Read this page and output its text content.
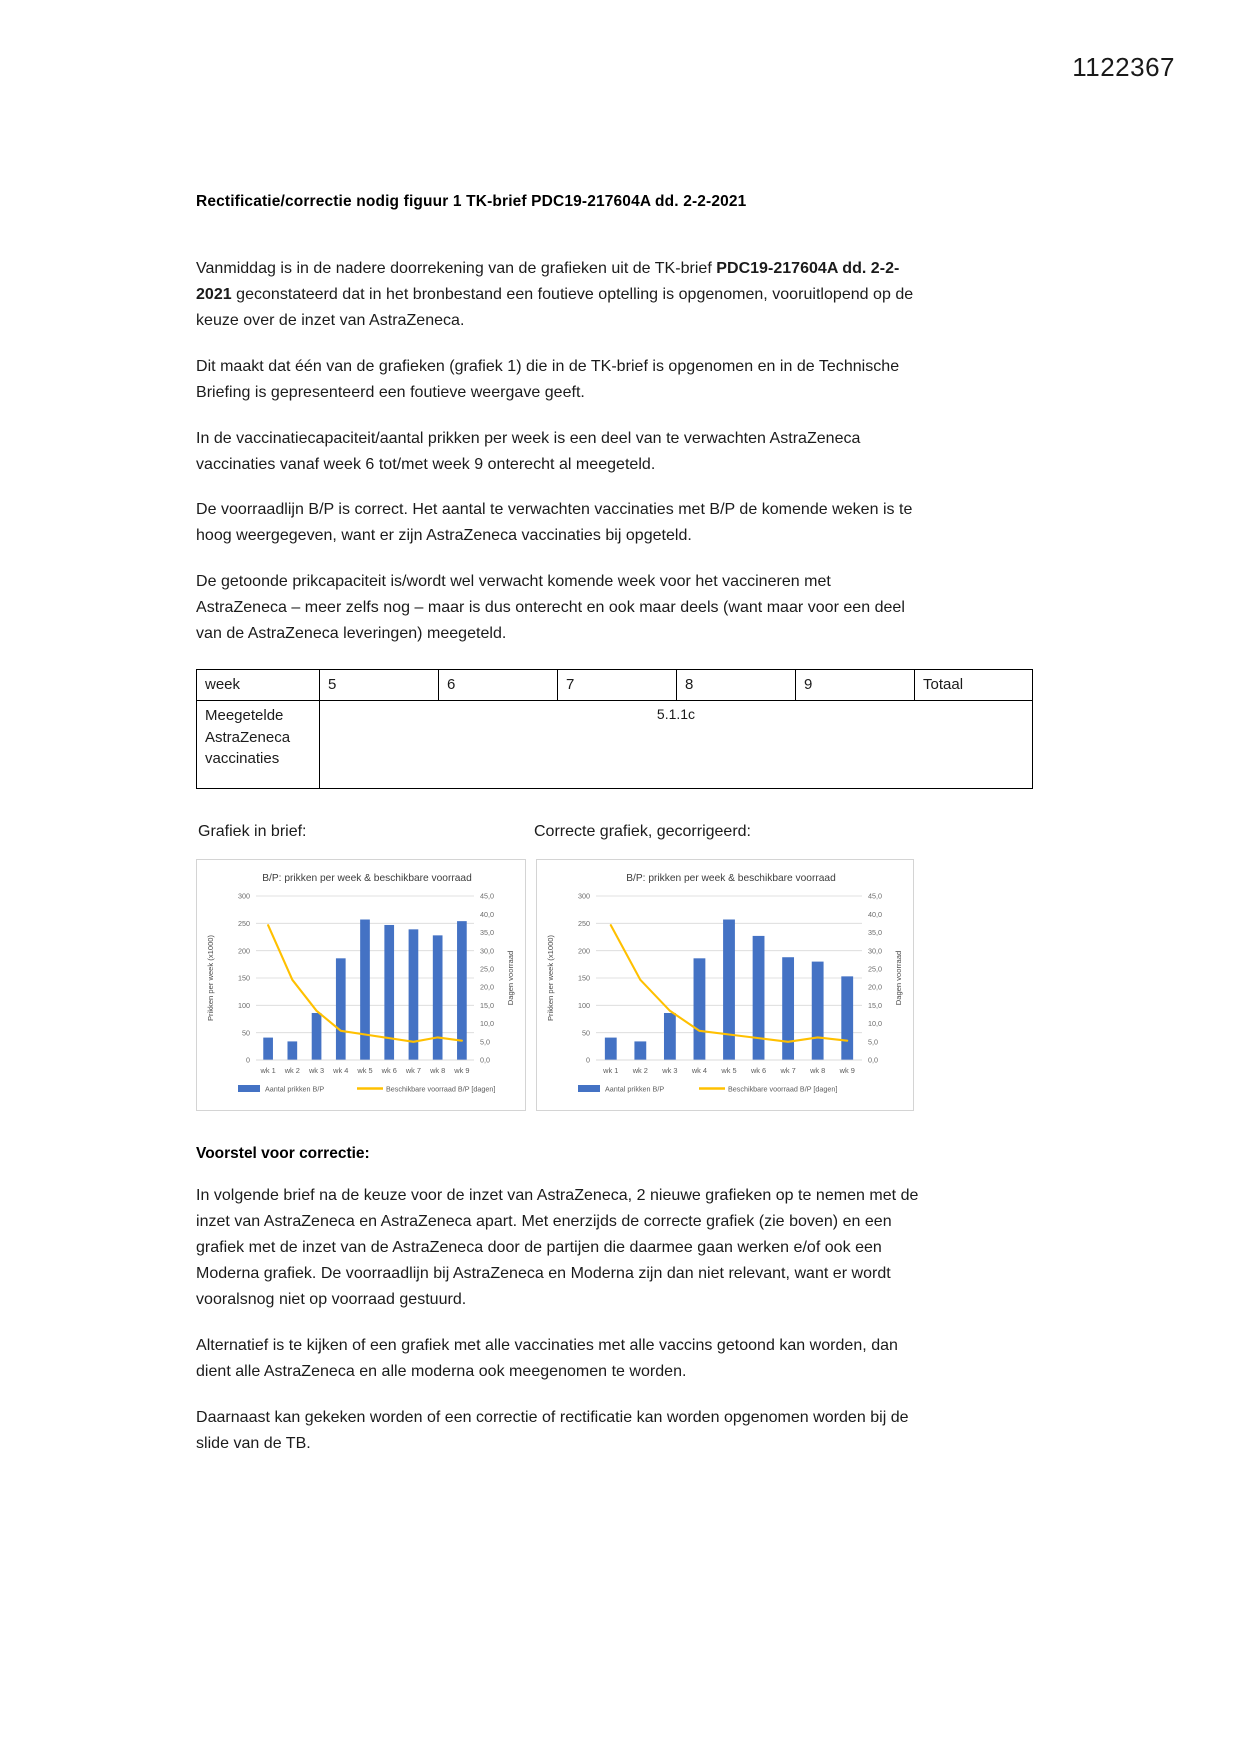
1122367
Rectificatie/correctie nodig figuur 1 TK-brief PDC19-217604A dd. 2-2-2021

Vanmiddag is in de nadere doorrekening van de grafieken uit de TK-brief PDC19-217604A dd. 2-2-2021 geconstateerd dat in het bronbestand een foutieve optelling is opgenomen, vooruitlopend op de keuze over de inzet van AstraZeneca.

Dit maakt dat één van de grafieken (grafiek 1) die in de TK-brief is opgenomen en in de Technische Briefing is gepresenteerd een foutieve weergave geeft.

In de vaccinatiecapaciteit/aantal prikken per week is een deel van te verwachten AstraZeneca vaccinaties vanaf week 6 tot/met week 9 onterecht al meegeteld.

De voorraadlijn B/P is correct. Het aantal te verwachten vaccinaties met B/P de komende weken is te hoog weergegeven, want er zijn AstraZeneca vaccinaties bij opgeteld.

De getoonde prikcapaciteit is/wordt wel verwacht komende week voor het vaccineren met AstraZeneca – meer zelfs nog – maar is dus onterecht en ook maar deels (want maar voor een deel van de AstraZeneca leveringen) meegeteld.

week	5	6	7	8	9	Totaal
Meegetelde AstraZeneca vaccinaties	5.1.1c					
Grafiek in brief:	Correcte grafiek, gecorrigeerd:
B/P: prikken per week & beschikbare voorraad
0
50
100
150
200
250
300
0,0
5,0
10,0
15,0
20,0
25,0
30,0
35,0
40,0
45,0
Prikken per week (x1000)	Dagen voorraad
wk 1 wk 2 wk 3 wk 4 wk 5 wk 6 wk 7 wk 8 wk 9
Aantal prikken B/P	Beschikbare voorraad B/P [dagen]
B/P: prikken per week & beschikbare voorraad
0
50
100
150
200
250
300
0,0
5,0
10,0
15,0
20,0
25,0
30,0
35,0
40,0
45,0
Prikken per week (x1000)	Dagen voorraad
wk 1 wk 2 wk 3 wk 4 wk 5 wk 6 wk 7 wk 8 wk 9
Aantal prikken B/P	Beschikbare voorraad B/P [dagen]
Voorstel voor correctie:

In volgende brief na de keuze voor de inzet van AstraZeneca, 2 nieuwe grafieken op te nemen met de inzet van AstraZeneca en AstraZeneca apart. Met enerzijds de correcte grafiek (zie boven) en een grafiek met de inzet van de AstraZeneca door de partijen die daarmee gaan werken e/of ook een Moderna grafiek. De voorraadlijn bij AstraZeneca en Moderna zijn dan niet relevant, want er wordt vooralsnog niet op voorraad gestuurd.

Alternatief is te kijken of een grafiek met alle vaccinaties met alle vaccins getoond kan worden, dan dient alle AstraZeneca en alle moderna ook meegenomen te worden.

Daarnaast kan gekeken worden of een correctie of rectificatie kan worden opgenomen worden bij de slide van de TB.
